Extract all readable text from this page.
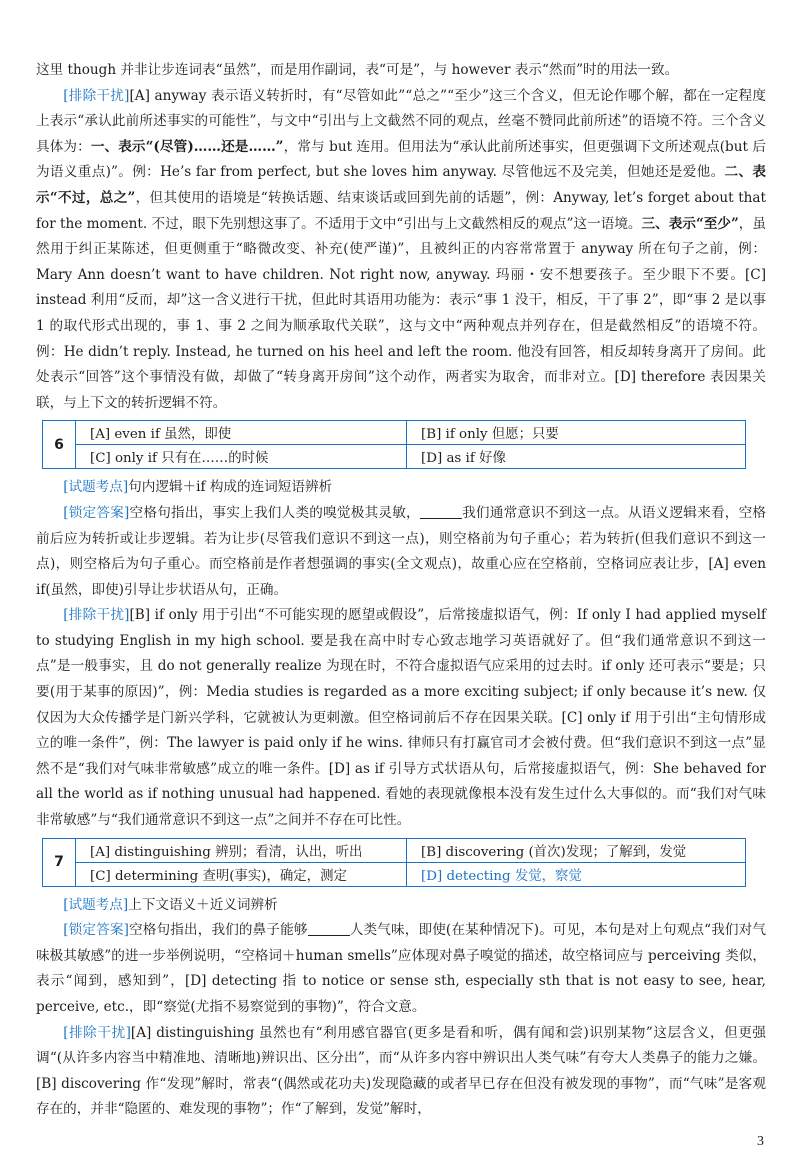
这里 though 并非让步连词表“虽然”，而是用作副词，表“可是”，与 however 表示“然而”时的用法一致。

[排除干扰][A] anyway 表示语义转折时，有“尽管如此”“总之”“至少”这三个含义，但无论作哪个解，都在一定程度上表示“承认此前所述事实的可能性”，与文中“引出与上文截然不同的观点，丝毫不赞同此前所述”的语境不符。三个含义具体为：一、表示“(尽管)……还是……”，常与 but 连用。但用法为“承认此前所述事实，但更强调下文所述观点(but 后为语义重点)”。例：He’s far from perfect, but she loves him anyway. 尽管他远不及完美，但她还是爱他。二、表示“不过，总之”，但其使用的语境是“转换话题、结束谈话或回到先前的话题”，例：Anyway, let’s forget about that for the moment. 不过，眼下先别想这事了。不适用于文中“引出与上文截然相反的观点”这一语境。三、表示“至少”，虽然用于纠正某陈述，但更侧重于“略微改变、补充(使严谨)”，且被纠正的内容常常置于 anyway 所在句子之前，例：Mary Ann doesn’t want to have children. Not right now, anyway. 玛丽・安不想要孩子。至少眼下不要。[C] instead 利用“反而，却”这一含义进行干扰，但此时其语用功能为：表示“事 1 没干，相反，干了事 2”，即“事 2 是以事 1 的取代形式出现的，事 1、事 2 之间为顺承取代关联”，这与文中“两种观点并列存在，但是截然相反”的语境不符。例：He didn’t reply. Instead, he turned on his heel and left the room. 他没有回答，相反却转身离开了房间。此处表示“回答”这个事情没有做，却做了“转身离开房间”这个动作，两者实为取舍，而非对立。[D] therefore 表因果关联，与上下文的转折逻辑不符。

6	[A] even if 虽然，即使	[B] if only 但愿；只要
	[C] only if 只有在……的时候	[D] as if 好像

[试题考点]句内逻辑＋if 构成的连词短语辨析

[锁定答案]空格句指出，事实上我们人类的嗅觉极其灵敏，	我们通常意识不到这一点。从语义逻辑来看，空格前后应为转折或让步逻辑。若为让步(尽管我们意识不到这一点)，则空格前为句子重心；若为转折(但我们意识不到这一点)，则空格后为句子重心。而空格前是作者想强调的事实(全文观点)，故重心应在空格前，空格词应表让步，[A] even if(虽然，即使)引导让步状语从句，正确。

[排除干扰][B] if only 用于引出“不可能实现的愿望或假设”，后常接虚拟语气，例：If only I had applied myself to studying English in my high school. 要是我在高中时专心致志地学习英语就好了。但“我们通常意识不到这一点”是一般事实，且 do not generally realize 为现在时，不符合虚拟语气应采用的过去时。if only 还可表示“要是；只要(用于某事的原因)”，例：Media studies is regarded as a more exciting subject; if only because it’s new. 仅仅因为大众传播学是门新兴学科，它就被认为更刺激。但空格词前后不存在因果关联。[C] only if 用于引出“主句情形成立的唯一条件”，例：The lawyer is paid only if he wins. 律师只有打赢官司才会被付费。但“我们意识不到这一点”显然不是“我们对气味非常敏感”成立的唯一条件。[D] as if 引导方式状语从句，后常接虚拟语气，例：She behaved for all the world as if nothing unusual had happened. 看她的表现就像根本没有发生过什么大事似的。而“我们对气味非常敏感”与“我们通常意识不到这一点”之间并不存在可比性。

7	[A] distinguishing 辨别；看清，认出，听出	[B] discovering (首次)发现；了解到，发觉
	[C] determining 查明(事实)，确定，测定	[D] detecting 发觉，察觉

[试题考点]上下文语义＋近义词辨析

[锁定答案]空格句指出，我们的鼻子能够	人类气味，即使(在某种情况下)。可见，本句是对上句观点“我们对气味极其敏感”的进一步举例说明，“空格词＋human smells”应体现对鼻子嗅觉的描述，故空格词应与 perceiving 类似，表示“闻到，感知到”，[D] detecting 指 to notice or sense sth, especially sth that is not easy to see, hear, perceive, etc.，即“察觉(尤指不易察觉到的事物)”，符合文意。

[排除干扰][A] distinguishing 虽然也有“利用感官器官(更多是看和听，偶有闻和尝)识别某物”这层含义，但更强调“(从许多内容当中精准地、清晰地)辨识出、区分出”，而“从许多内容中辨识出人类气味”有夸大人类鼻子的能力之嫌。[B] discovering 作“发现”解时，常表“(偶然或花功夫)发现隐藏的或者早已存在但没有被发现的事物”，而“气味”是客观存在的，并非“隐匿的、难发现的事物”；作“了解到，发觉”解时，

3
